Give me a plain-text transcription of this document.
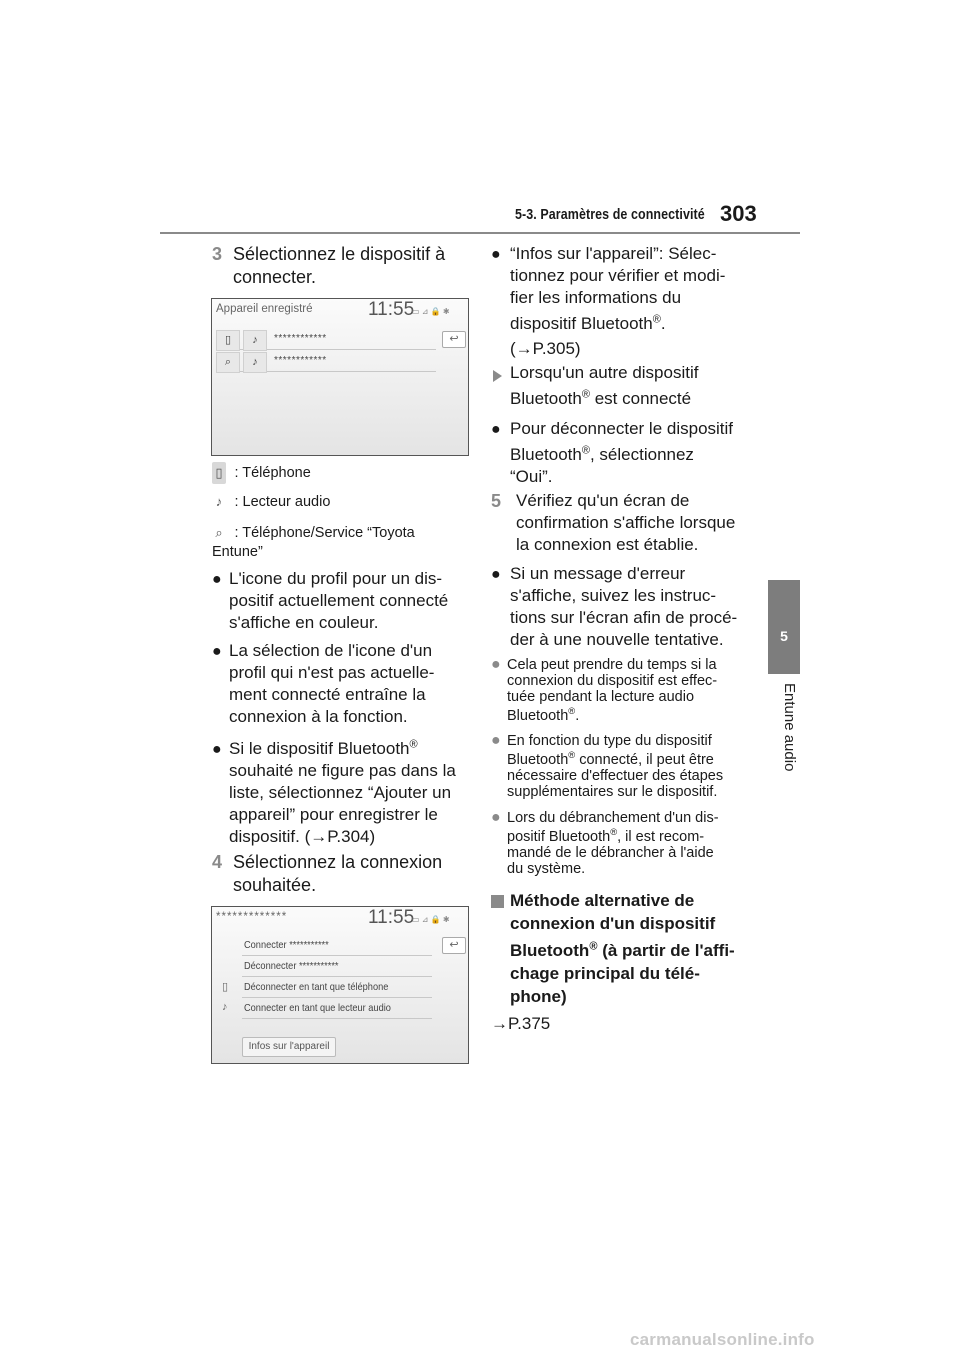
5-3. Paramètres de connectivité 303
5
Entune audio
3 Sélectionnez le dispositif à
connecter.
Appareil enregistré	11:55
▭ ⊿ 🔒 ✱
↩
▯	♪	************
⌕	♪	************
▯ : Téléphone
♪ : Lecteur audio
⌕ : Téléphone/Service “Toyota
Entune”
● L'icone du profil pour un dis-
positif actuellement connecté
s'affiche en couleur.
● La sélection de l'icone d'un
profil qui n'est pas actuelle-
ment connecté entraîne la
connexion à la fonction.
● Si le dispositif Bluetooth®
souhaité ne figure pas dans la
liste, sélectionnez “Ajouter un
appareil” pour enregistrer le
dispositif. (→P.304)
4 Sélectionnez la connexion
souhaitée.
*************	11:55
▭ ⊿ 🔒 ✱
↩
Connecter ***********
Déconnecter ***********
▯ Déconnecter en tant que téléphone
♪ Connecter en tant que lecteur audio
Infos sur l'appareil
● “Infos sur l'appareil”: Sélec-
tionnez pour vérifier et modi-
fier les informations du
dispositif Bluetooth®.
(→P.305)
Lorsqu'un autre dispositif
Bluetooth® est connecté
● Pour déconnecter le dispositif
Bluetooth®, sélectionnez
“Oui”.
5 Vérifiez qu'un écran de
confirmation s'affiche lorsque
la connexion est établie.
● Si un message d'erreur
s'affiche, suivez les instruc-
tions sur l'écran afin de procé-
der à une nouvelle tentative.
● Cela peut prendre du temps si la
connexion du dispositif est effec-
tuée pendant la lecture audio
Bluetooth®.
● En fonction du type du dispositif
Bluetooth® connecté, il peut être
nécessaire d'effectuer des étapes
supplémentaires sur le dispositif.
● Lors du débranchement d'un dis-
positif Bluetooth®, il est recom-
mandé de le débrancher à l'aide
du système.
Méthode alternative de
connexion d'un dispositif
Bluetooth® (à partir de l'affi-
chage principal du télé-
phone)
→P.375
carmanualsonline.info
